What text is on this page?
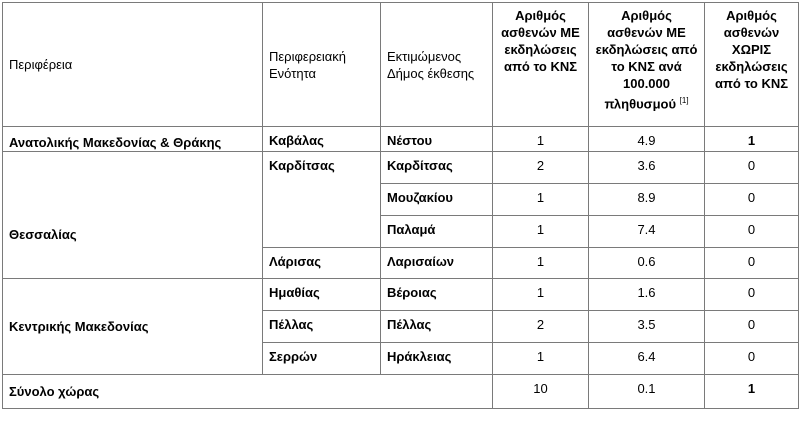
Περιφέρεια	Περιφερειακή Ενότητα	Εκτιμώμενος Δήμος έκθεσης	Αριθμός ασθενών ΜΕ εκδηλώσεις από το ΚΝΣ	Αριθμός ασθενών ΜΕ εκδηλώσεις από το ΚΝΣ ανά 100.000 πληθυσμού [1]	Αριθμός ασθενών ΧΩΡΙΣ εκδηλώσεις από το ΚΝΣ
Ανατολικής Μακεδονίας & Θράκης	Καβάλας	Νέστου	1	4.9	1
Θεσσαλίας	Καρδίτσας	Καρδίτσας	2	3.6	0
		Μουζακίου	1	8.9	0
		Παλαμά	1	7.4	0
	Λάρισας	Λαρισαίων	1	0.6	0
Κεντρικής Μακεδονίας	Ημαθίας	Βέροιας	1	1.6	0
	Πέλλας	Πέλλας	2	3.5	0
	Σερρών	Ηράκλειας	1	6.4	0
Σύνολο χώρας			10	0.1	1
